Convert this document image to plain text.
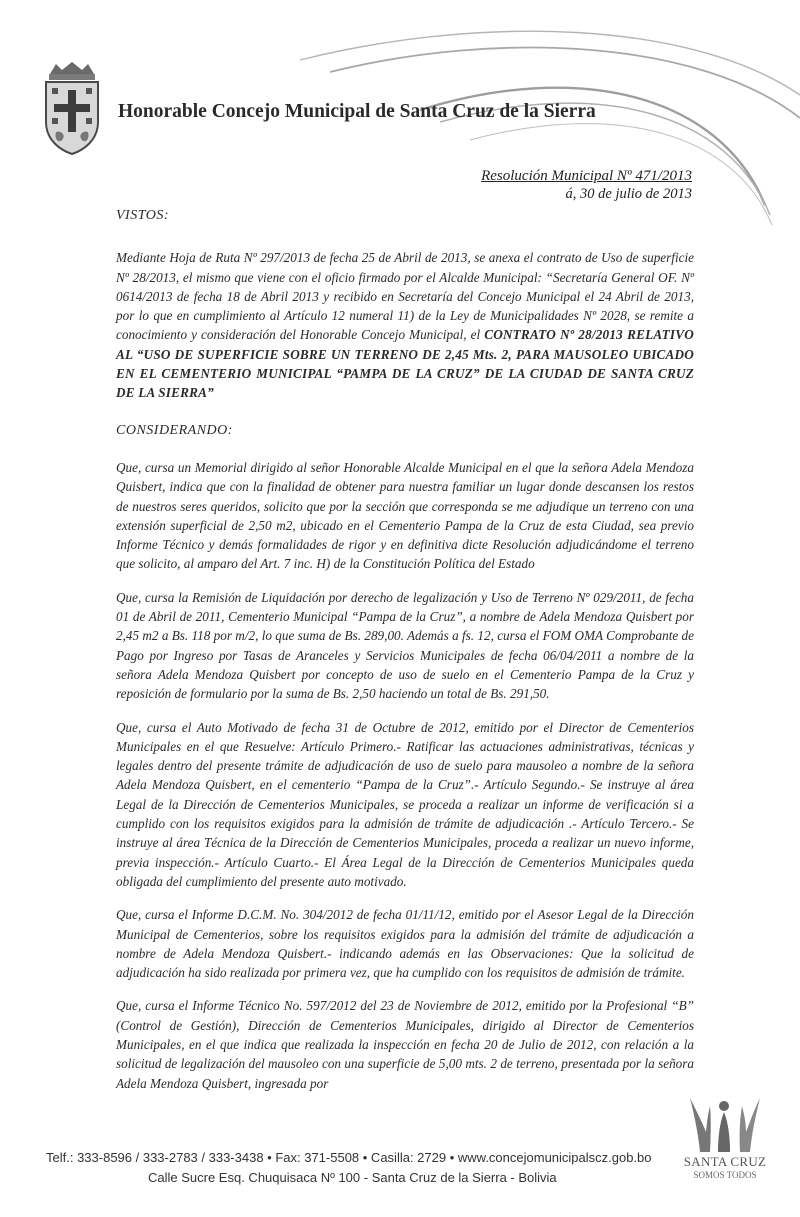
Honorable Concejo Municipal de Santa Cruz de la Sierra
Resolución Municipal Nº 471/2013
á, 30 de julio de 2013

VISTOS:

Mediante Hoja de Ruta Nº 297/2013 de fecha 25 de Abril de 2013, se anexa el contrato de Uso de superficie Nº 28/2013, el mismo que viene con el oficio firmado por el Alcalde Municipal: “Secretaría General OF. Nº 0614/2013 de fecha 18 de Abril 2013 y recibido en Secretaría del Concejo Municipal el 24 Abril de 2013, por lo que en cumplimiento al Artículo 12 numeral 11) de la Ley de Municipalidades Nº 2028, se remite a conocimiento y consideración del Honorable Concejo Municipal, el CONTRATO Nº 28/2013 RELATIVO AL “USO DE SUPERFICIE SOBRE UN TERRENO DE 2,45 Mts. 2, PARA MAUSOLEO UBICADO EN EL CEMENTERIO MUNICIPAL “PAMPA DE LA CRUZ” DE LA CIUDAD DE SANTA CRUZ DE LA SIERRA”

CONSIDERANDO:

Que, cursa un Memorial dirigido al señor Honorable Alcalde Municipal en el que la señora Adela Mendoza Quisbert, indica que con la finalidad de obtener para nuestra familiar un lugar donde descansen los restos de nuestros seres queridos, solicito que por la sección que corresponda se me adjudique un terreno con una extensión superficial de 2,50 m2, ubicado en el Cementerio Pampa de la Cruz de esta Ciudad, sea previo Informe Técnico y demás formalidades de rigor y en definitiva dicte Resolución adjudicándome el terreno que solicito, al amparo del Art. 7 inc. H) de la Constitución Política del Estado

Que, cursa la Remisión de Liquidación por derecho de legalización y Uso de Terreno Nº 029/2011, de fecha 01 de Abril de 2011, Cementerio Municipal “Pampa de la Cruz”, a nombre de Adela Mendoza Quisbert por 2,45 m2 a Bs. 118 por m/2, lo que suma de Bs. 289,00. Además a fs. 12, cursa el FOM OMA Comprobante de Pago por Ingreso por Tasas de Aranceles y Servicios Municipales de fecha 06/04/2011 a nombre de la señora Adela Mendoza Quisbert por concepto de uso de suelo en el Cementerio Pampa de la Cruz y reposición de formulario por la suma de Bs. 2,50 haciendo un total de Bs. 291,50.

Que, cursa el Auto Motivado de fecha 31 de Octubre de 2012, emitido por el Director de Cementerios Municipales en el que Resuelve: Artículo Primero.- Ratificar las actuaciones administrativas, técnicas y legales dentro del presente trámite de adjudicación de uso de suelo para mausoleo a nombre de la señora Adela Mendoza Quisbert, en el cementerio “Pampa de la Cruz”.- Artículo Segundo.- Se instruye al área Legal de la Dirección de Cementerios Municipales, se proceda a realizar un informe de verificación si a cumplido con los requisitos exigidos para la admisión de trámite de adjudicación .- Artículo Tercero.- Se instruye al área Técnica de la Dirección de Cementerios Municipales, proceda a realizar un nuevo informe, previa inspección.- Artículo Cuarto.- El Área Legal de la Dirección de Cementerios Municipales queda obligada del cumplimiento del presente auto motivado.

Que, cursa el Informe D.C.M. No. 304/2012 de fecha 01/11/12, emitido por el Asesor Legal de la Dirección Municipal de Cementerios, sobre los requisitos exigidos para la admisión del trámite de adjudicación a nombre de Adela Mendoza Quisbert.- indicando además en las Observaciones: Que la solicitud de adjudicación ha sido realizada por primera vez, que ha cumplido con los requisitos de admisión de trámite.

Que, cursa el Informe Técnico No. 597/2012 del 23 de Noviembre de 2012, emitido por la Profesional “B” (Control de Gestión), Dirección de Cementerios Municipales, dirigido al Director de Cementerios Municipales, en el que indica que realizada la inspección en fecha 20 de Julio de 2012, con relación a la solicitud de legalización del mausoleo con una superficie de 5,00 mts. 2 de terreno, presentada por la señora Adela Mendoza Quisbert, ingresada por

SANTA CRUZ
SOMOS TODOS
Telf.: 333-8596 / 333-2783 / 333-3438 • Fax: 371-5508 • Casilla: 2729 • www.concejomunicipalscz.gob.bo
Calle Sucre Esq. Chuquisaca Nº 100 - Santa Cruz de la Sierra - Bolivia
